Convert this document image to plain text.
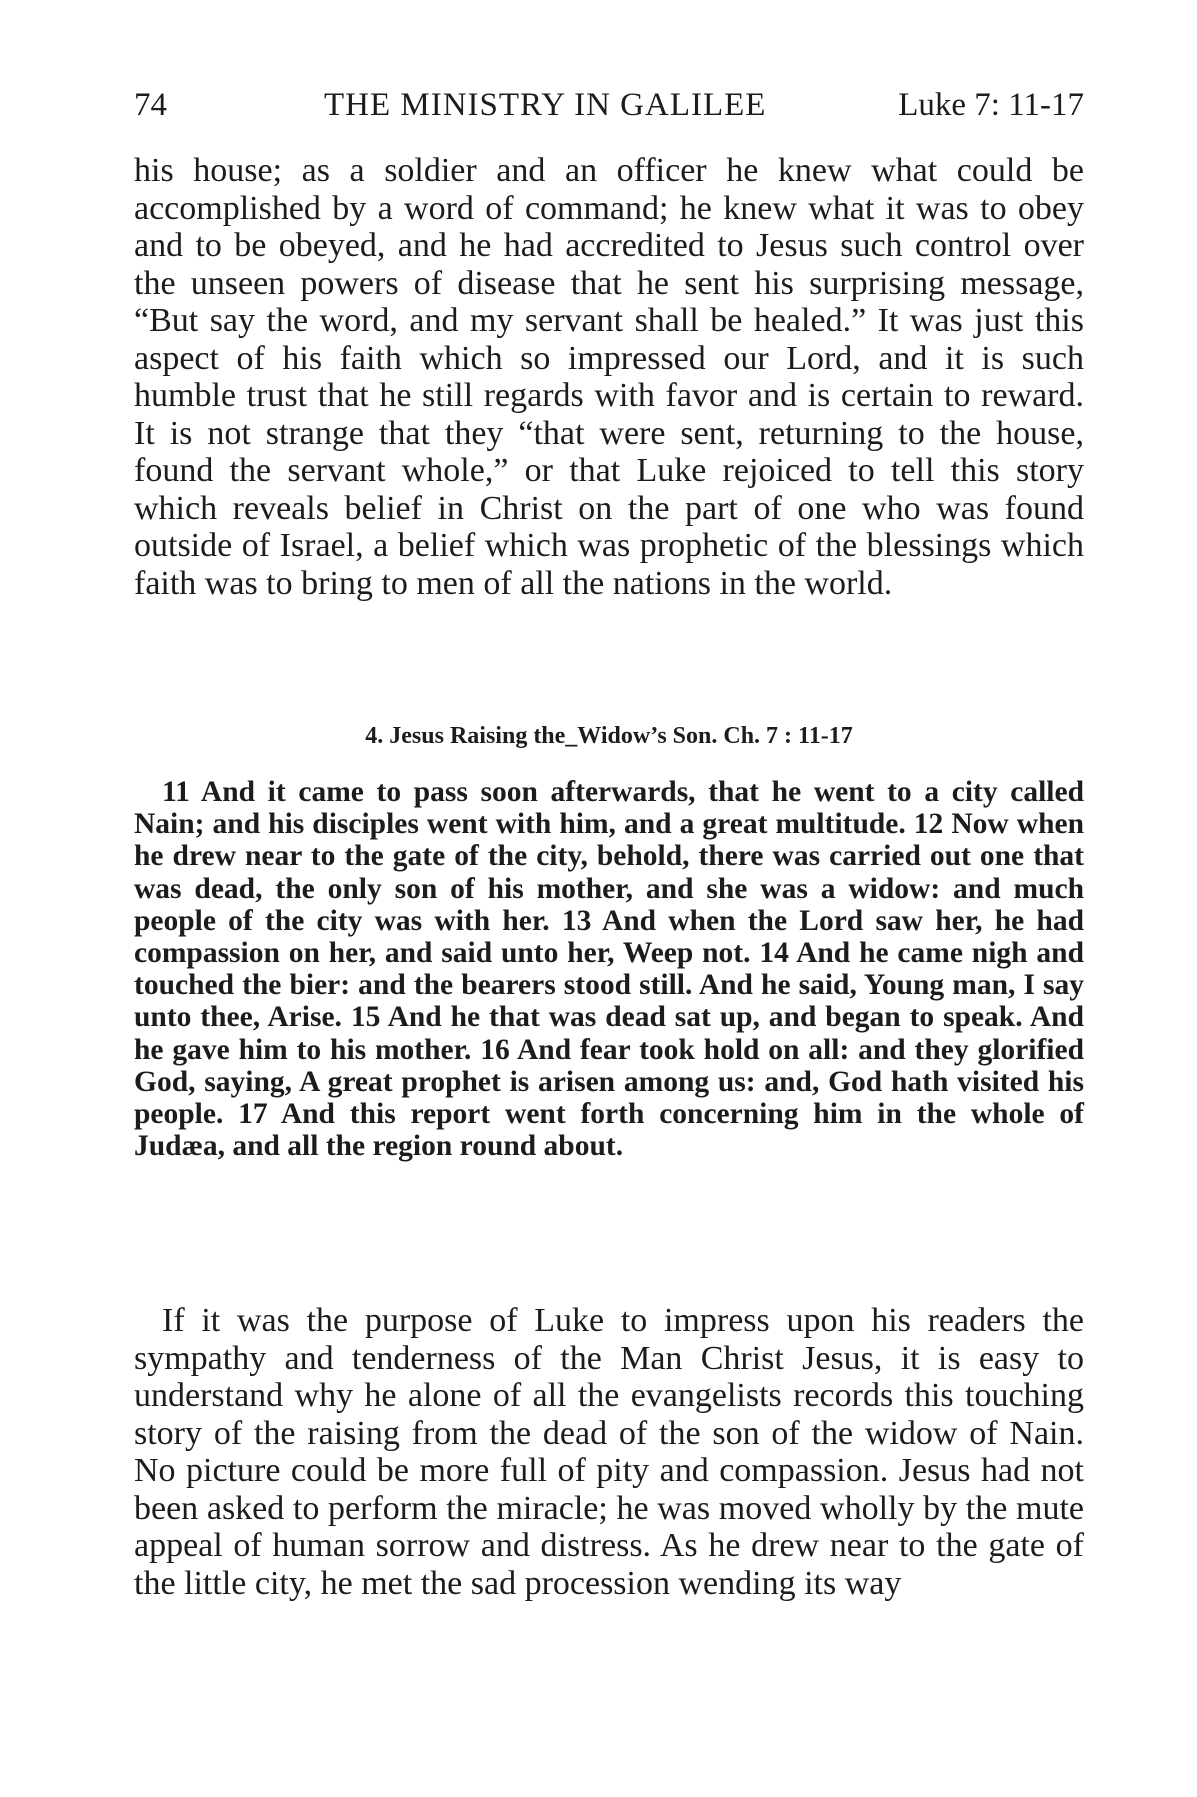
74	THE MINISTRY IN GALILEE	Luke 7: 11-17

his house; as a soldier and an officer he knew what could be accomplished by a word of command; he knew what it was to obey and to be obeyed, and he had accredited to Jesus such control over the unseen powers of disease that he sent his surprising message, “But say the word, and my servant shall be healed.” It was just this aspect of his faith which so impressed our Lord, and it is such humble trust that he still regards with favor and is certain to reward. It is not strange that they “that were sent, returning to the house, found the servant whole,” or that Luke rejoiced to tell this story which reveals belief in Christ on the part of one who was found outside of Israel, a belief which was prophetic of the blessings which faith was to bring to men of all the nations in the world.

4. Jesus Raising the_Widow’s Son. Ch. 7 : 11-17

11 And it came to pass soon afterwards, that he went to a city called Nain; and his disciples went with him, and a great multitude. 12 Now when he drew near to the gate of the city, behold, there was carried out one that was dead, the only son of his mother, and she was a widow: and much people of the city was with her. 13 And when the Lord saw her, he had compassion on her, and said unto her, Weep not. 14 And he came nigh and touched the bier: and the bearers stood still. And he said, Young man, I say unto thee, Arise. 15 And he that was dead sat up, and began to speak. And he gave him to his mother. 16 And fear took hold on all: and they glorified God, saying, A great prophet is arisen among us: and, God hath visited his people. 17 And this report went forth concerning him in the whole of Judæa, and all the region round about.

If it was the purpose of Luke to impress upon his readers the sympathy and tenderness of the Man Christ Jesus, it is easy to understand why he alone of all the evangelists records this touching story of the raising from the dead of the son of the widow of Nain. No picture could be more full of pity and compassion. Jesus had not been asked to perform the miracle; he was moved wholly by the mute appeal of human sorrow and distress. As he drew near to the gate of the little city, he met the sad procession wending its way
